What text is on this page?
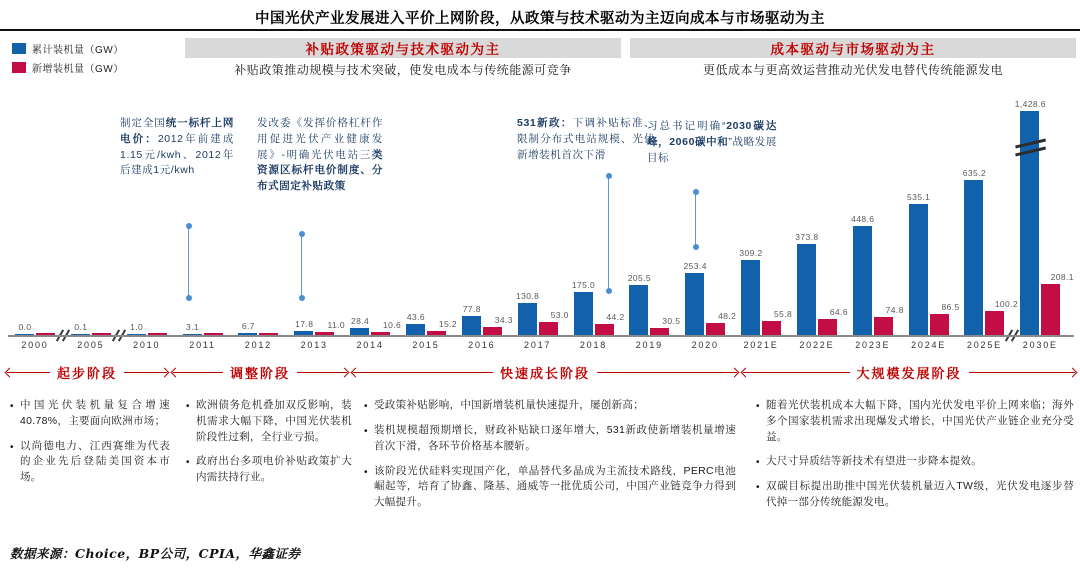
中国光伏产业发展进入平价上网阶段，从政策与技术驱动为主迈向成本与市场驱动为主
累计装机量（GW）
新增装机量（GW）
补贴政策驱动与技术驱动为主	成本驱动与市场驱动为主
补贴政策推动规模与技术突破，使发电成本与传统能源可竞争	更低成本与更高效运营推动光伏发电替代传统能源发电
0.0
2000
0.1
2005
1.0
2010
3.1
2011
6.7
2012
17.8	11.0
2013
28.4	10.6
2014
43.6
15.2
2015
77.8
34.3
2016
130.8
53.0
2017
175.0
44.2
2018
205.5
30.5
2019
253.4
48.2
2020
309.2
55.8
2021E
373.8
64.6
2022E
448.6
74.8
2023E
535.1
86.5
2024E
635.2
100.2
2025E
1,428.6
208.1
2030E
制定全国统一标杆上网电价：2012年前建成1.15元/kwh、2012年后建成1元/kwh
发改委《发挥价格杠杆作用促进光伏产业健康发展》-明确光伏电站三类资源区标杆电价制度、分布式固定补贴政策
531新政：下调补贴标准、限制分布式电站规模、光伏新增装机首次下滑
习总书记明确“2030碳达峰，2060碳中和”战略发展目标
起步阶段	调整阶段	快速成长阶段	大规模发展阶段
• 中国光伏装机量复合增速40.78%，主要面向欧洲市场；
• 以尚德电力、江西赛维为代表的企业先后登陆美国资本市场。
• 欧洲债务危机叠加双反影响，装机需求大幅下降，中国光伏装机阶段性过剩，全行业亏损。
• 政府出台多项电价补贴政策扩大内需扶持行业。
• 受政策补贴影响，中国新增装机量快速提升，屡创新高；
• 装机规模超预期增长，财政补贴缺口逐年增大，531新政使新增装机量增速首次下滑，各环节价格基本腰斩。
• 该阶段光伏硅料实现国产化，单晶替代多晶成为主流技术路线，PERC电池崛起等，培育了协鑫、隆基、通威等一批优质公司，中国产业链竞争力得到大幅提升。
• 随着光伏装机成本大幅下降，国内光伏发电平价上网来临；海外多个国家装机需求出现爆发式增长，中国光伏产业链企业充分受益。
• 大尺寸异质结等新技术有望进一步降本提效。
• 双碳目标提出助推中国光伏装机量迈入TW级，光伏发电逐步替代掉一部分传统能源发电。
数据来源：Choice，BP公司，CPIA，华鑫证券
